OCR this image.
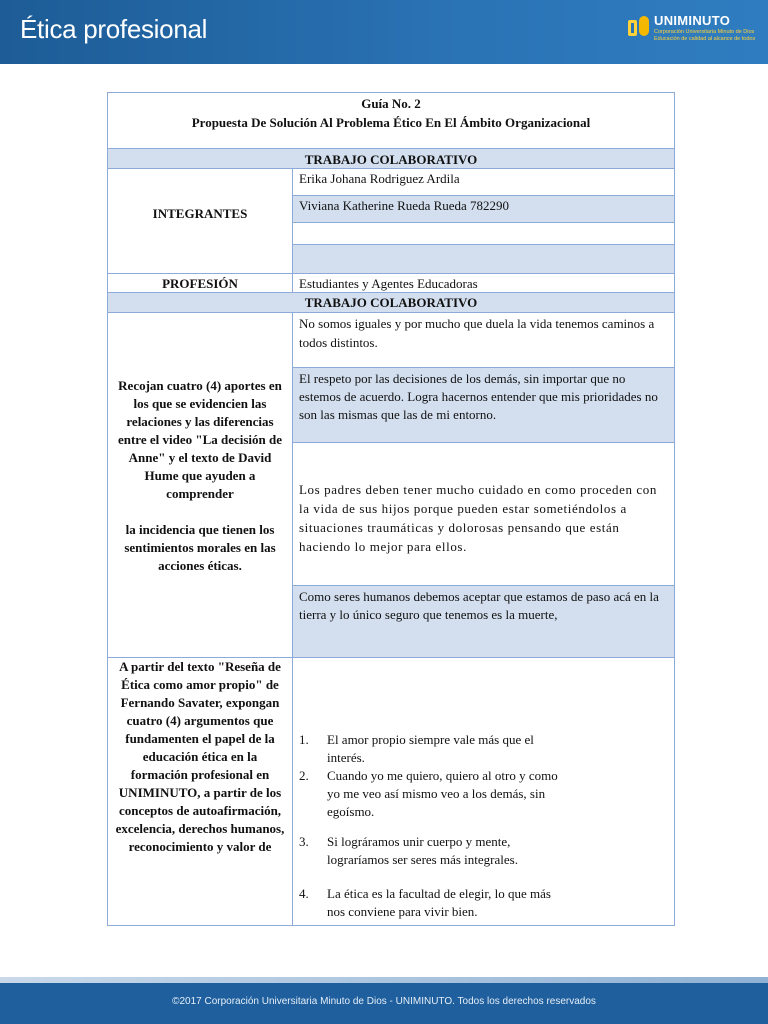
Ética profesional	UNIMINUTO
Corporación Universitaria Minuto de Dios
Educación de calidad al alcance de todos
Guía No. 2
Propuesta De Solución Al Problema Ético En El Ámbito Organizacional
TRABAJO COLABORATIVO
INTEGRANTES
Erika Johana Rodriguez Ardila
Viviana Katherine Rueda Rueda 782290
PROFESIÓN	Estudiantes y Agentes Educadoras
TRABAJO COLABORATIVO
Recojan cuatro (4) aportes en los que se evidencien las relaciones y las diferencias entre el video "La decisión de Anne" y el texto de David Hume que ayuden a comprender
la incidencia que tienen los sentimientos morales en las acciones éticas.
No somos iguales y por mucho que duela la vida tenemos caminos a todos distintos.
El respeto por las decisiones de los demás, sin importar que no estemos de acuerdo. Logra hacernos entender que mis prioridades no son las mismas que las de mi entorno.
Los padres deben tener mucho cuidado en como proceden con la vida de sus hijos porque pueden estar sometiéndolos a situaciones traumáticas y dolorosas pensando que están haciendo lo mejor para ellos.
Como seres humanos debemos aceptar que estamos de paso acá en la tierra y lo único seguro que tenemos es la muerte,
A partir del texto "Reseña de Ética como amor propio" de Fernando Savater, expongan cuatro (4) argumentos que fundamenten el papel de la educación ética en la formación profesional en UNIMINUTO, a partir de los conceptos de autoafirmación, excelencia, derechos humanos, reconocimiento y valor de
1. El amor propio siempre vale más que el interés.
2. Cuando yo me quiero, quiero al otro y como yo me veo así mismo veo a los demás, sin egoísmo.
3. Si lográramos unir cuerpo y mente, lograríamos ser seres más integrales.
4. La ética es la facultad de elegir, lo que más nos conviene para vivir bien.
©2017 Corporación Universitaria Minuto de Dios - UNIMINUTO. Todos los derechos reservados
